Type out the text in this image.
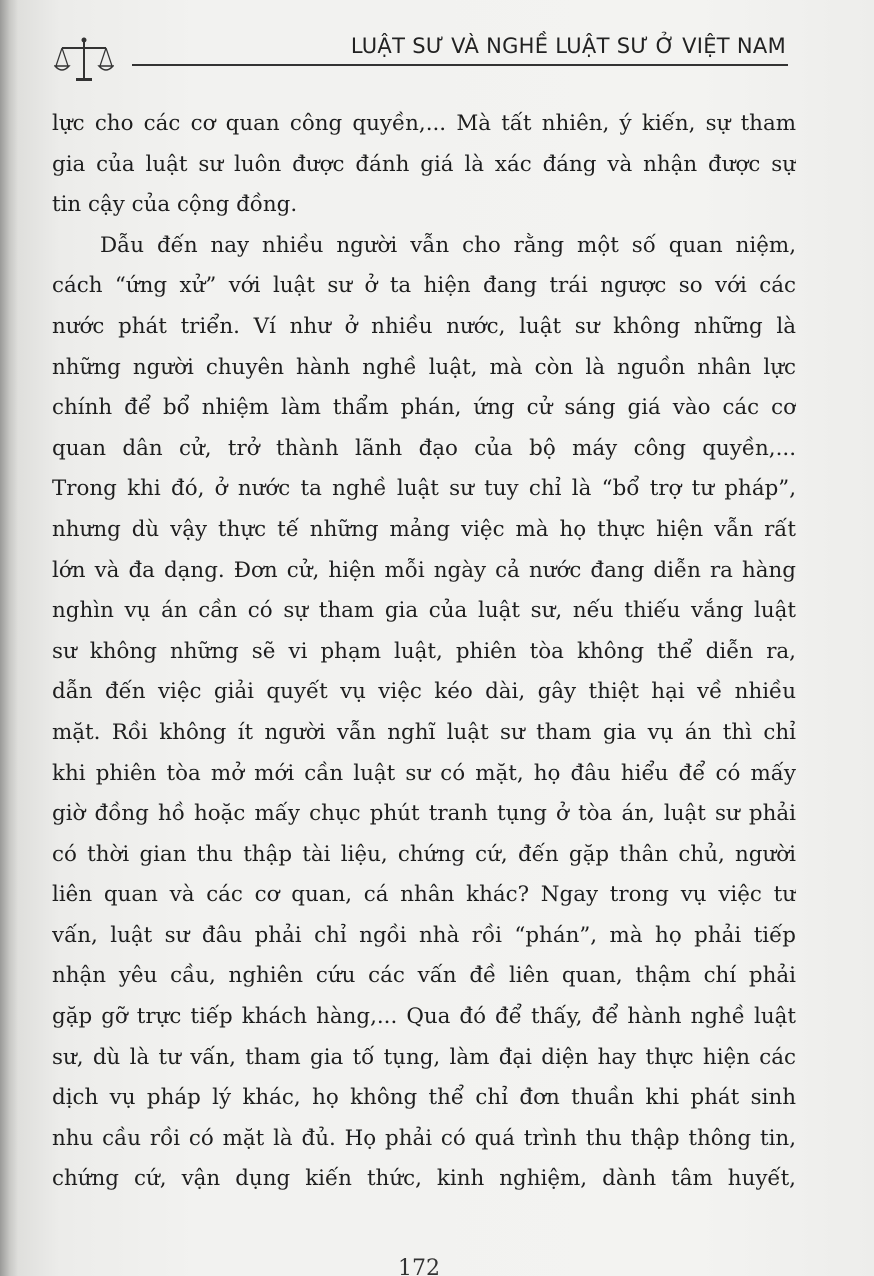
LUẬT SƯ VÀ NGHỀ LUẬT SƯ Ở VIỆT NAM
lực cho các cơ quan công quyền,... Mà tất nhiên, ý kiến, sự tham
gia của luật sư luôn được đánh giá là xác đáng và nhận được sự
tin cậy của cộng đồng.
Dẫu đến nay nhiều người vẫn cho rằng một số quan niệm,
cách “ứng xử” với luật sư ở ta hiện đang trái ngược so với các
nước phát triển. Ví như ở nhiều nước, luật sư không những là
những người chuyên hành nghề luật, mà còn là nguồn nhân lực
chính để bổ nhiệm làm thẩm phán, ứng cử sáng giá vào các cơ
quan dân cử, trở thành lãnh đạo của bộ máy công quyền,...
Trong khi đó, ở nước ta nghề luật sư tuy chỉ là “bổ trợ tư pháp”,
nhưng dù vậy thực tế những mảng việc mà họ thực hiện vẫn rất
lớn và đa dạng. Đơn cử, hiện mỗi ngày cả nước đang diễn ra hàng
nghìn vụ án cần có sự tham gia của luật sư, nếu thiếu vắng luật
sư không những sẽ vi phạm luật, phiên tòa không thể diễn ra,
dẫn đến việc giải quyết vụ việc kéo dài, gây thiệt hại về nhiều
mặt. Rồi không ít người vẫn nghĩ luật sư tham gia vụ án thì chỉ
khi phiên tòa mở mới cần luật sư có mặt, họ đâu hiểu để có mấy
giờ đồng hồ hoặc mấy chục phút tranh tụng ở tòa án, luật sư phải
có thời gian thu thập tài liệu, chứng cứ, đến gặp thân chủ, người
liên quan và các cơ quan, cá nhân khác? Ngay trong vụ việc tư
vấn, luật sư đâu phải chỉ ngồi nhà rồi “phán”, mà họ phải tiếp
nhận yêu cầu, nghiên cứu các vấn đề liên quan, thậm chí phải
gặp gỡ trực tiếp khách hàng,... Qua đó để thấy, để hành nghề luật
sư, dù là tư vấn, tham gia tố tụng, làm đại diện hay thực hiện các
dịch vụ pháp lý khác, họ không thể chỉ đơn thuần khi phát sinh
nhu cầu rồi có mặt là đủ. Họ phải có quá trình thu thập thông tin,
chứng cứ, vận dụng kiến thức, kinh nghiệm, dành tâm huyết,
172
